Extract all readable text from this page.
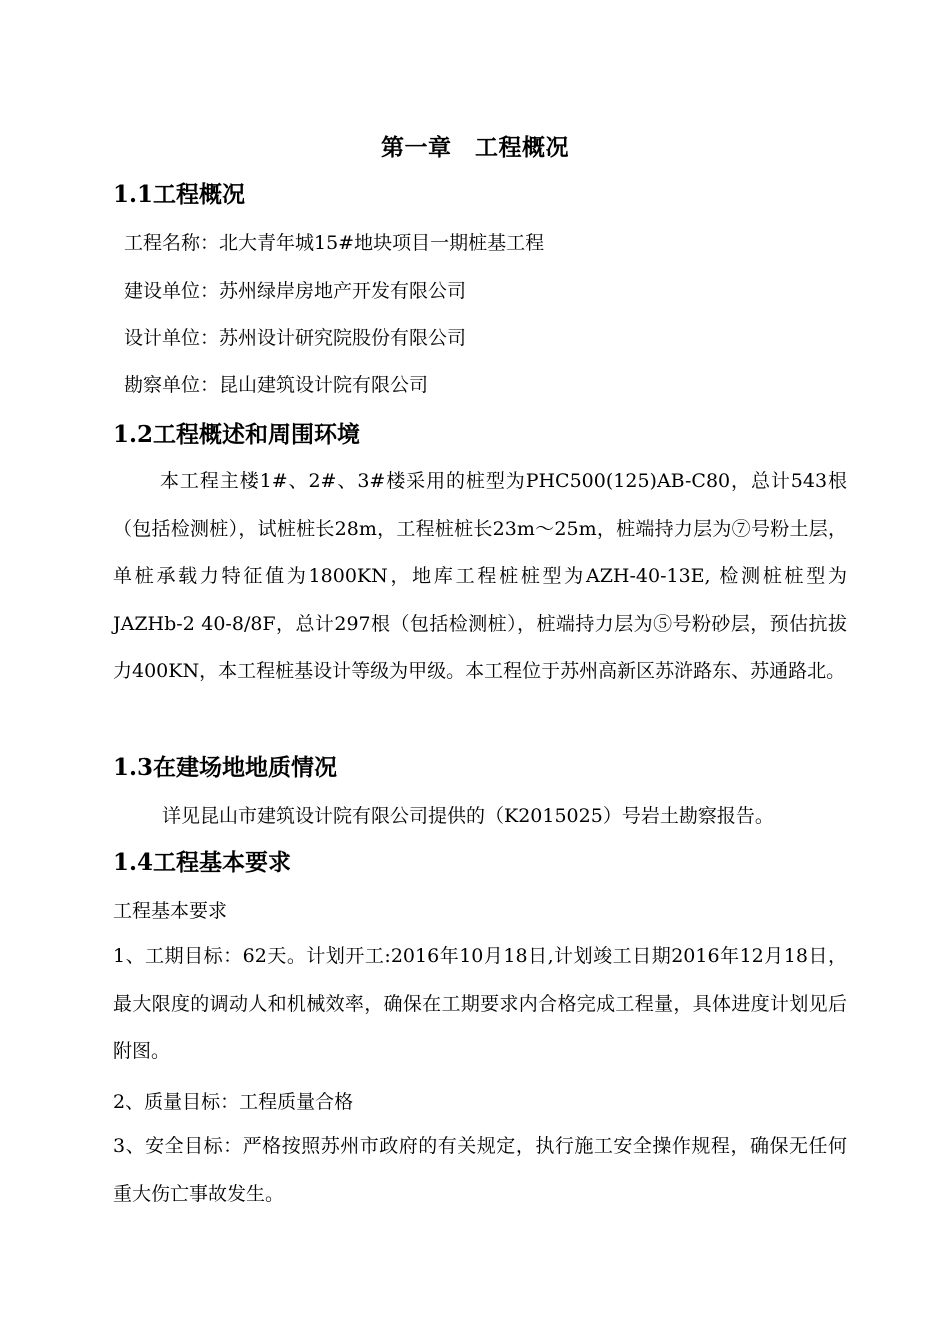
第一章　工程概况
1.1工程概况
工程名称：北大青年城15#地块项目一期桩基工程
建设单位：苏州绿岸房地产开发有限公司
设计单位：苏州设计研究院股份有限公司
勘察单位：昆山建筑设计院有限公司
1.2工程概述和周围环境

本工程主楼1#、2#、3#楼采用的桩型为PHC500(125)AB-C80，总计543根（包括检测桩），试桩桩长28m，工程桩桩长23m～25m，桩端持力层为⑦号粉土层，单桩承载力特征值为1800KN，地库工程桩桩型为AZH-40-13E, 检测桩桩型为JAZHb-2 40-8/8F，总计297根（包括检测桩），桩端持力层为⑤号粉砂层，预估抗拔力400KN，本工程桩基设计等级为甲级。本工程位于苏州高新区苏浒路东、苏通路北。

1.3在建场地地质情况
详见昆山市建筑设计院有限公司提供的（K2015025）号岩土勘察报告。
1.4工程基本要求
工程基本要求

1、工期目标：62天。计划开工:2016年10月18日,计划竣工日期2016年12月18日，最大限度的调动人和机械效率，确保在工期要求内合格完成工程量，具体进度计划见后附图。

2、质量目标：工程质量合格

3、安全目标：严格按照苏州市政府的有关规定，执行施工安全操作规程，确保无任何重大伤亡事故发生。
